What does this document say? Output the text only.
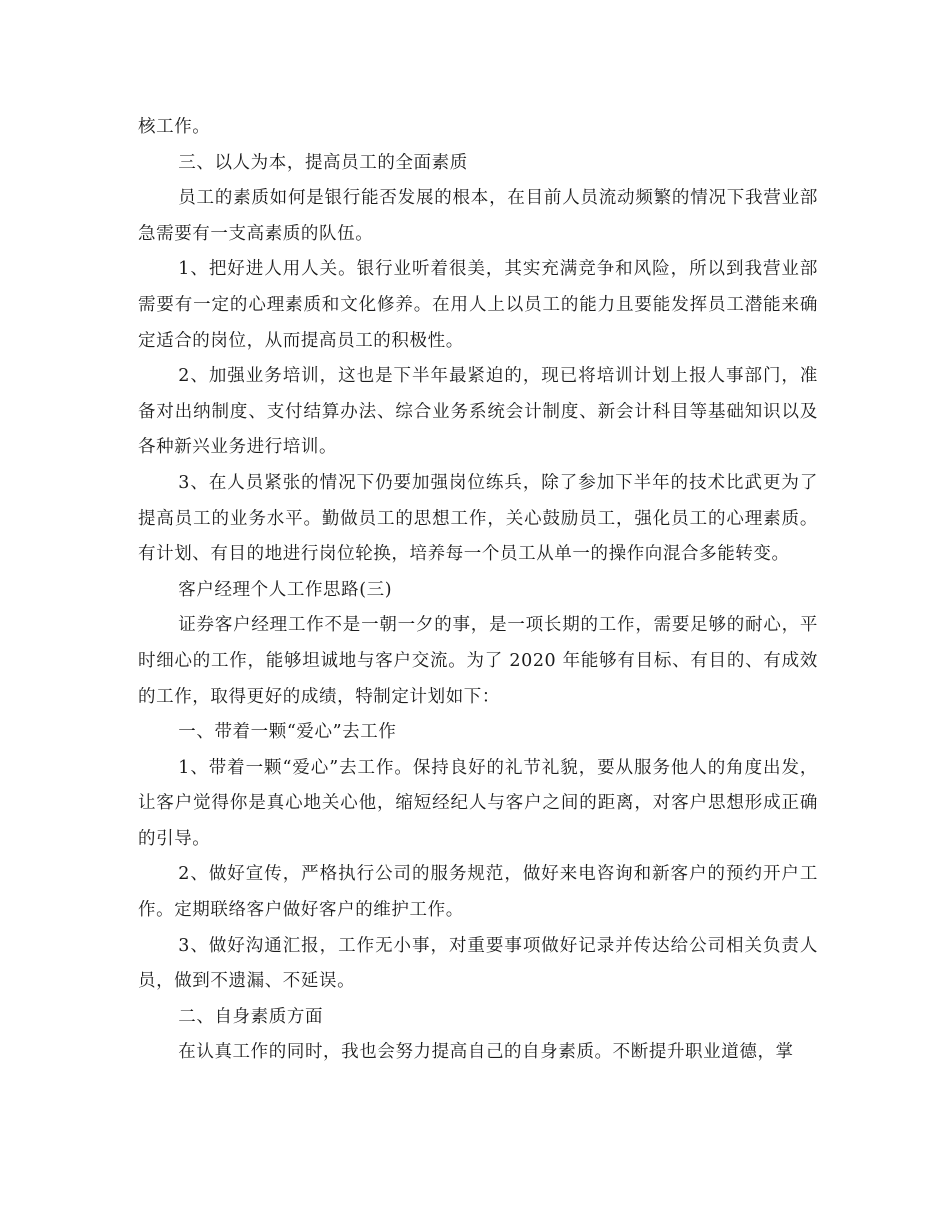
核工作。

三、以人为本，提高员工的全面素质

员工的素质如何是银行能否发展的根本，在目前人员流动频繁的情况下我营业部急需要有一支高素质的队伍。

1、把好进人用人关。银行业听着很美，其实充满竞争和风险，所以到我营业部需要有一定的心理素质和文化修养。在用人上以员工的能力且要能发挥员工潜能来确定适合的岗位，从而提高员工的积极性。

2、加强业务培训，这也是下半年最紧迫的，现已将培训计划上报人事部门，准备对出纳制度、支付结算办法、综合业务系统会计制度、新会计科目等基础知识以及各种新兴业务进行培训。

3、在人员紧张的情况下仍要加强岗位练兵，除了参加下半年的技术比武更为了提高员工的业务水平。勤做员工的思想工作，关心鼓励员工，强化员工的心理素质。有计划、有目的地进行岗位轮换，培养每一个员工从单一的操作向混合多能转变。

客户经理个人工作思路(三)

证券客户经理工作不是一朝一夕的事，是一项长期的工作，需要足够的耐心，平时细心的工作，能够坦诚地与客户交流。为了 2020 年能够有目标、有目的、有成效的工作，取得更好的成绩，特制定计划如下：

一、带着一颗“爱心”去工作

1、带着一颗“爱心”去工作。保持良好的礼节礼貌，要从服务他人的角度出发，让客户觉得你是真心地关心他，缩短经纪人与客户之间的距离，对客户思想形成正确的引导。

2、做好宣传，严格执行公司的服务规范，做好来电咨询和新客户的预约开户工作。定期联络客户做好客户的维护工作。

3、做好沟通汇报，工作无小事，对重要事项做好记录并传达给公司相关负责人员，做到不遗漏、不延误。

二、自身素质方面

在认真工作的同时，我也会努力提高自己的自身素质。不断提升职业道德，掌
